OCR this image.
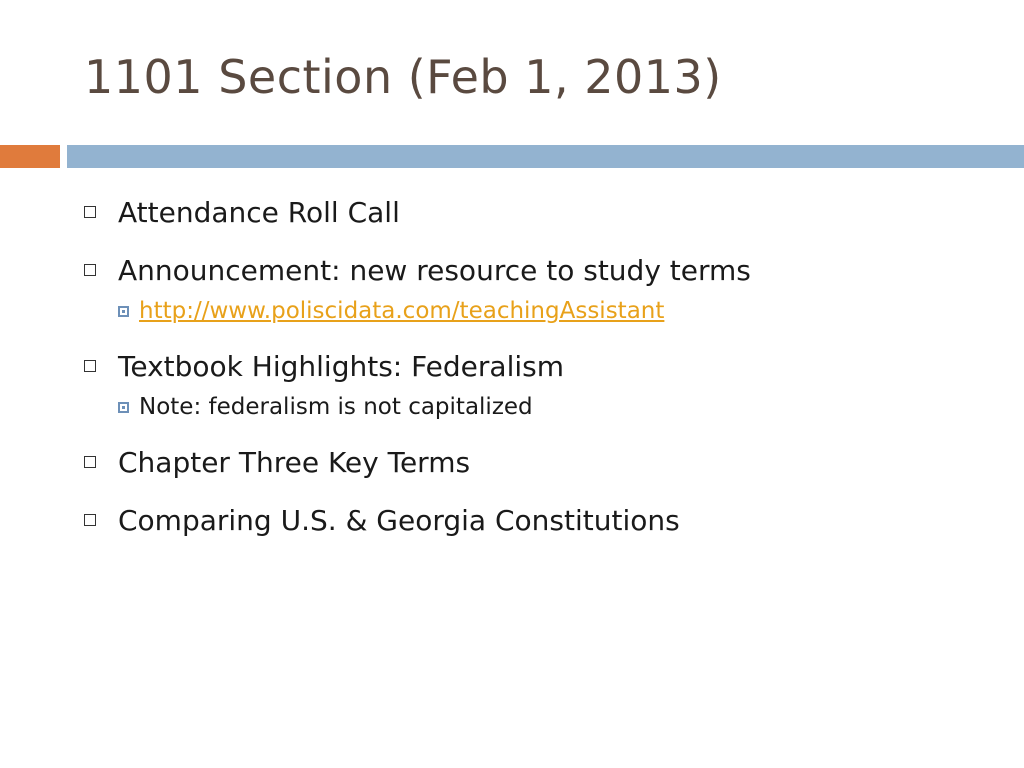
1101 Section (Feb 1, 2013)
Attendance Roll Call
Announcement: new resource to study terms
http://www.poliscidata.com/teachingAssistant
Textbook Highlights: Federalism
Note: federalism is not capitalized
Chapter Three Key Terms
Comparing U.S. & Georgia Constitutions
